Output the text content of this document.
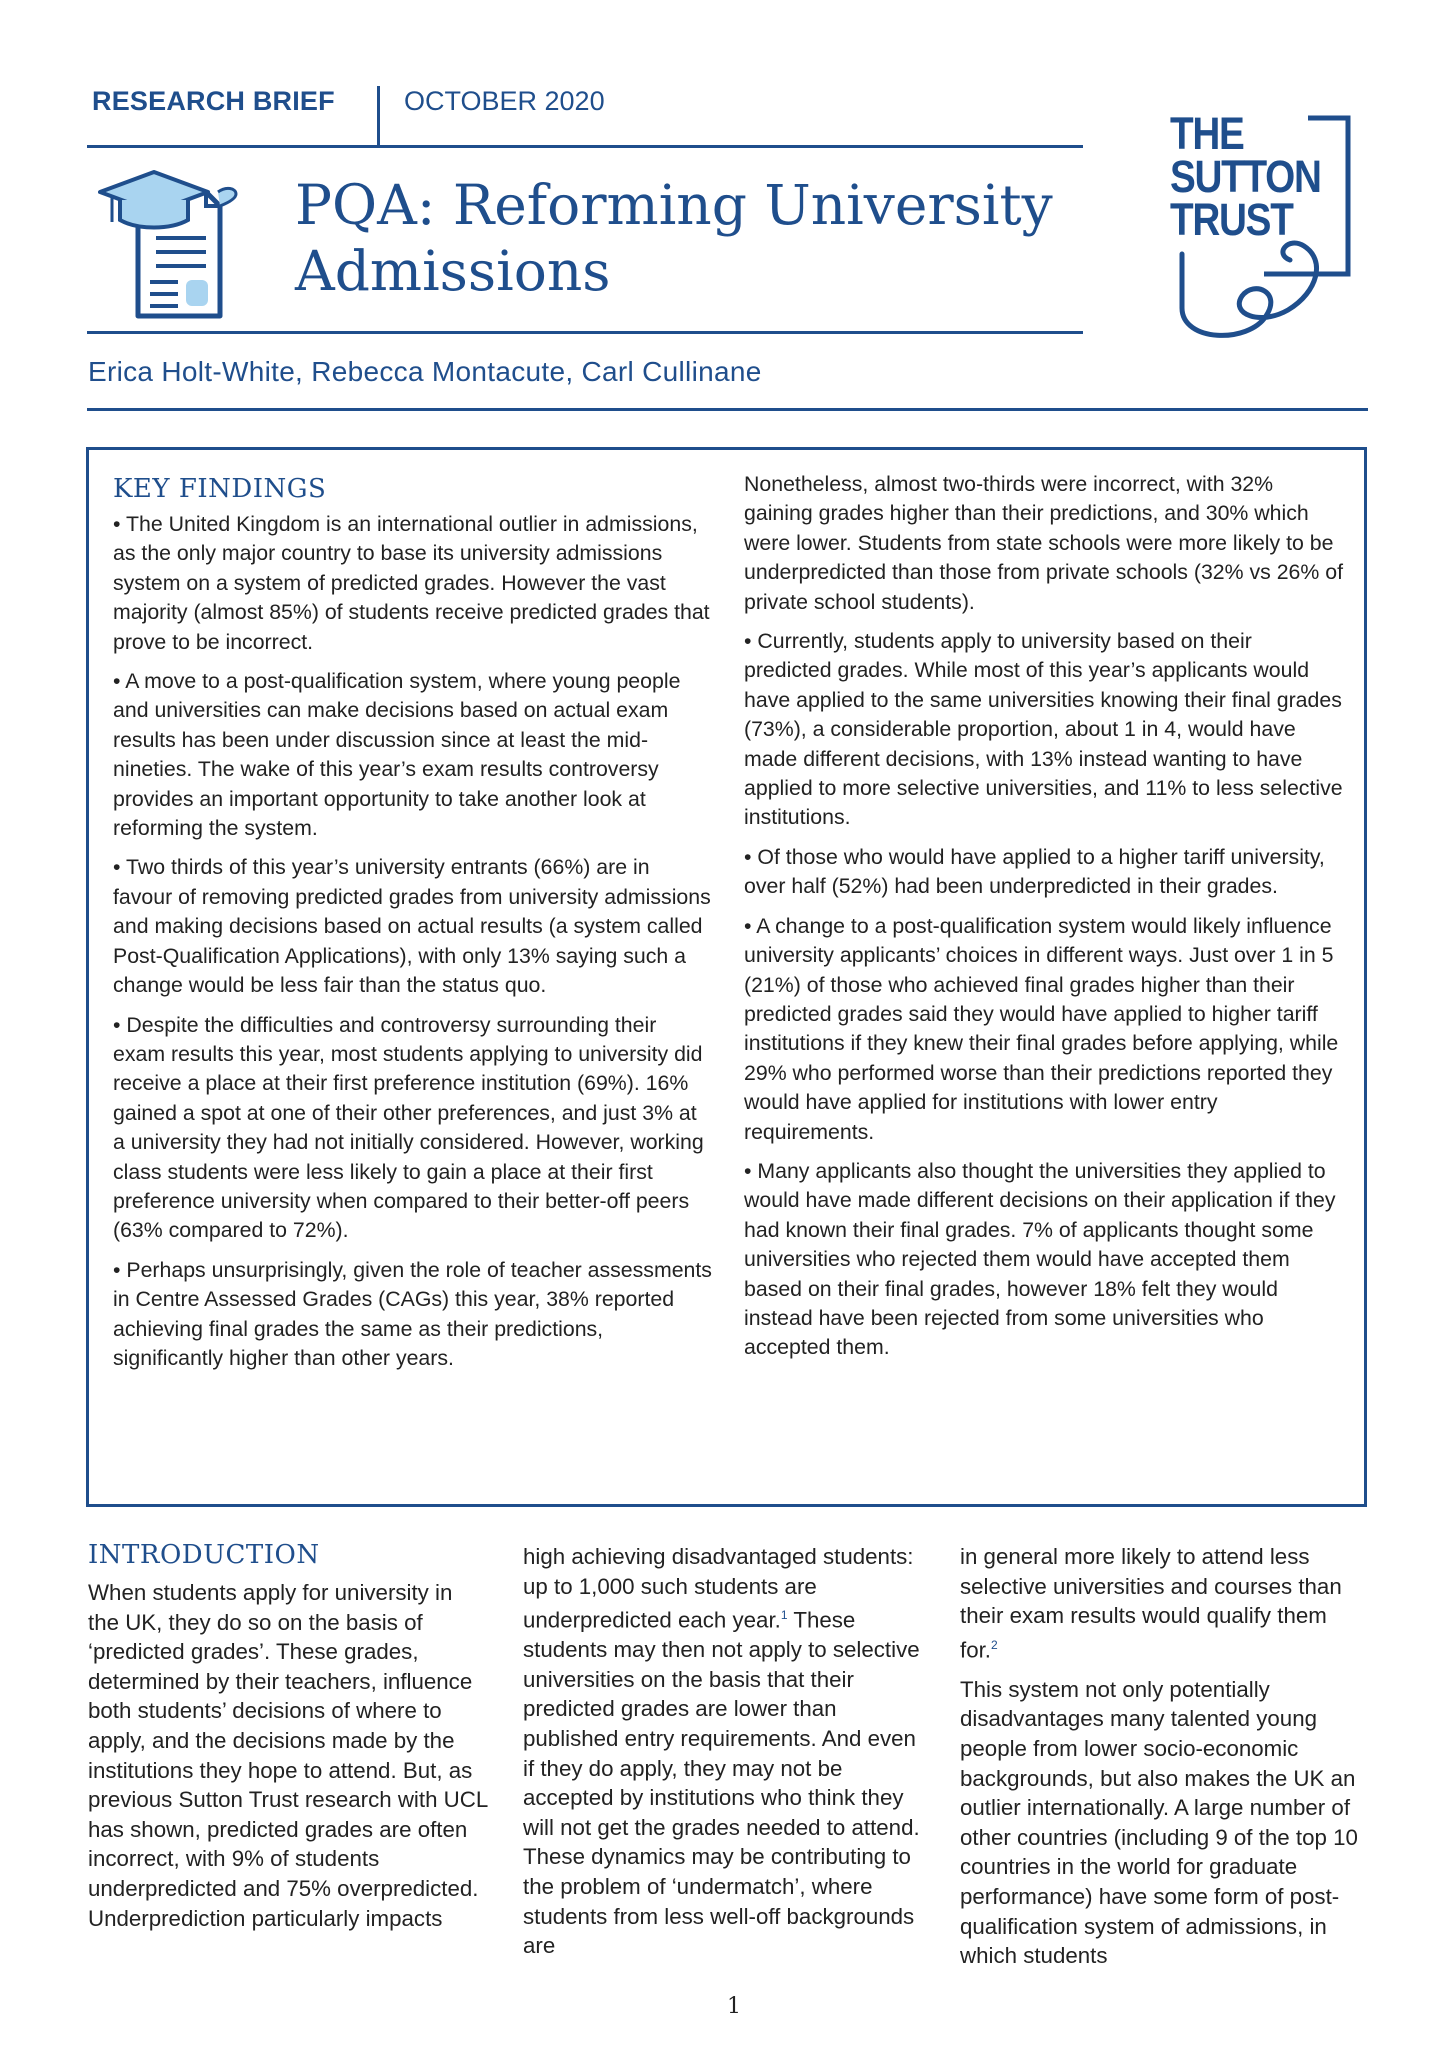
RESEARCH BRIEF	OCTOBER 2020
PQA: Reforming University
Admissions
Erica Holt-White, Rebecca Montacute, Carl Cullinane
THE
SUTTON
TRUST
KEY FINDINGS

• The United Kingdom is an international outlier in admissions, as the only major country to base its university admissions system on a system of predicted grades. However the vast majority (almost 85%) of students receive predicted grades that prove to be incorrect.

• A move to a post-qualification system, where young people and universities can make decisions based on actual exam results has been under discussion since at least the mid-nineties. The wake of this year’s exam results controversy provides an important opportunity to take another look at reforming the system.

• Two thirds of this year’s university entrants (66%) are in favour of removing predicted grades from university admissions and making decisions based on actual results (a system called Post-Qualification Applications), with only 13% saying such a change would be less fair than the status quo.

• Despite the difficulties and controversy surrounding their exam results this year, most students applying to university did receive a place at their first preference institution (69%). 16% gained a spot at one of their other preferences, and just 3% at a university they had not initially considered. However, working class students were less likely to gain a place at their first preference university when compared to their better-off peers (63% compared to 72%).

• Perhaps unsurprisingly, given the role of teacher assessments in Centre Assessed Grades (CAGs) this year, 38% reported achieving final grades the same as their predictions, significantly higher than other years.

Nonetheless, almost two-thirds were incorrect, with 32% gaining grades higher than their predictions, and 30% which were lower. Students from state schools were more likely to be underpredicted than those from private schools (32% vs 26% of private school students).

• Currently, students apply to university based on their predicted grades. While most of this year’s applicants would have applied to the same universities knowing their final grades (73%), a considerable proportion, about 1 in 4, would have made different decisions, with 13% instead wanting to have applied to more selective universities, and 11% to less selective institutions.

• Of those who would have applied to a higher tariff university, over half (52%) had been underpredicted in their grades.

• A change to a post-qualification system would likely influence university applicants’ choices in different ways. Just over 1 in 5 (21%) of those who achieved final grades higher than their predicted grades said they would have applied to higher tariff institutions if they knew their final grades before applying, while 29% who performed worse than their predictions reported they would have applied for institutions with lower entry requirements.

• Many applicants also thought the universities they applied to would have made different decisions on their application if they had known their final grades. 7% of applicants thought some universities who rejected them would have accepted them based on their final grades, however 18% felt they would instead have been rejected from some universities who accepted them.

INTRODUCTION

When students apply for university in the UK, they do so on the basis of ‘predicted grades’. These grades, determined by their teachers, influence both students’ decisions of where to apply, and the decisions made by the institutions they hope to attend. But, as previous Sutton Trust research with UCL has shown, predicted grades are often incorrect, with 9% of students underpredicted and 75% overpredicted. Underprediction particularly impacts

high achieving disadvantaged students: up to 1,000 such students are underpredicted each year.$^1$ These students may then not apply to selective universities on the basis that their predicted grades are lower than published entry requirements. And even if they do apply, they may not be accepted by institutions who think they will not get the grades needed to attend. These dynamics may be contributing to the problem of ‘undermatch’, where students from less well-off backgrounds are

in general more likely to attend less selective universities and courses than their exam results would qualify them for.$^2$

This system not only potentially disadvantages many talented young people from lower socio-economic backgrounds, but also makes the UK an outlier internationally. A large number of other countries (including 9 of the top 10 countries in the world for graduate performance) have some form of post-qualification system of admissions, in which students

1
